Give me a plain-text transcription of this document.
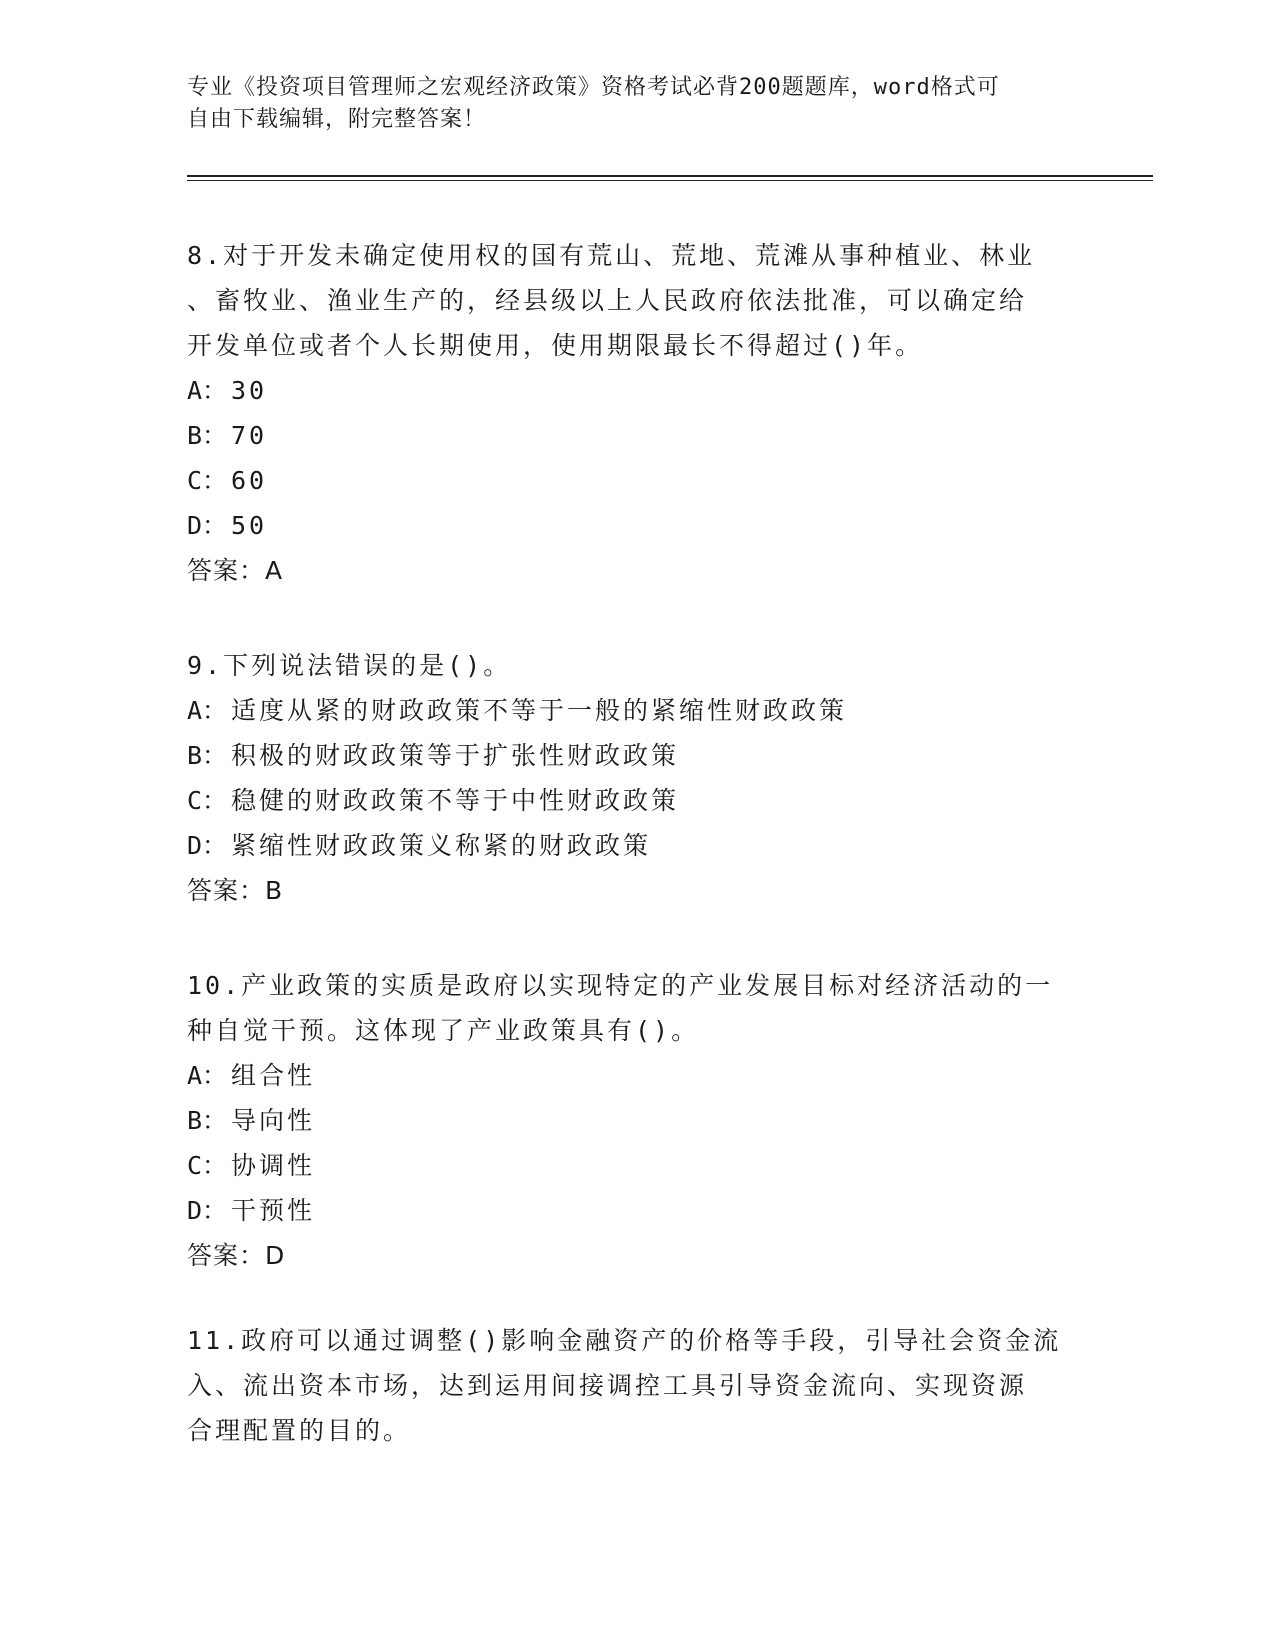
专业《投资项目管理师之宏观经济政策》资格考试必背200题题库，word格式可
自由下载编辑，附完整答案！

8.对于开发未确定使用权的国有荒山、荒地、荒滩从事种植业、林业

、畜牧业、渔业生产的，经县级以上人民政府依法批准，可以确定给

开发单位或者个人长期使用，使用期限最长不得超过()年。

A： 30

B： 70

C： 60

D： 50

答案：A

9.下列说法错误的是()。

A： 适度从紧的财政政策不等于一般的紧缩性财政政策

B： 积极的财政政策等于扩张性财政政策

C： 稳健的财政政策不等于中性财政政策

D： 紧缩性财政政策义称紧的财政政策

答案：B

10.产业政策的实质是政府以实现特定的产业发展目标对经济活动的一

种自觉干预。这体现了产业政策具有()。

A： 组合性

B： 导向性

C： 协调性

D： 干预性

答案：D

11.政府可以通过调整()影响金融资产的价格等手段，引导社会资金流

入、流出资本市场，达到运用间接调控工具引导资金流向、实现资源

合理配置的目的。
